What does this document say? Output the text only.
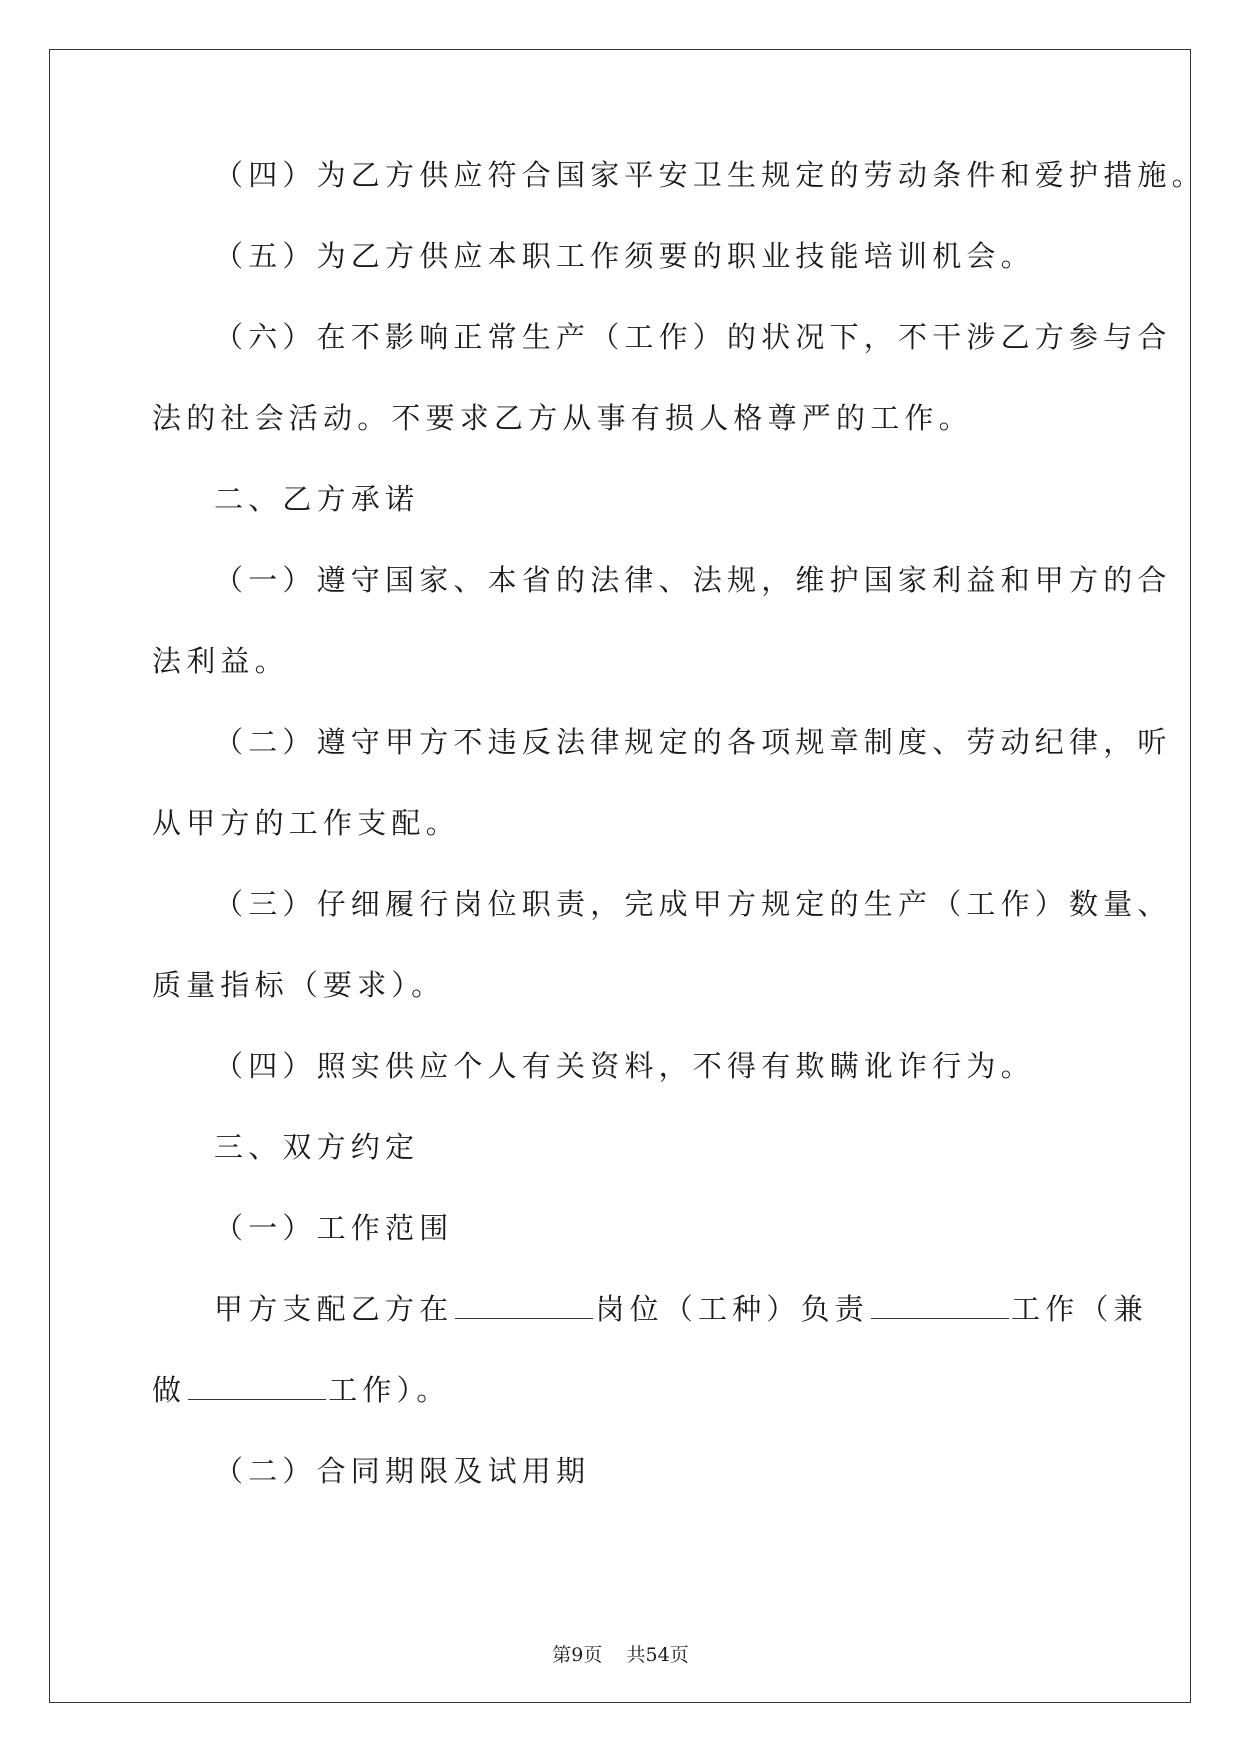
（四）为乙方供应符合国家平安卫生规定的劳动条件和爱护措施。

（五）为乙方供应本职工作须要的职业技能培训机会。

（六）在不影响正常生产（工作）的状况下，不干涉乙方参与合

法的社会活动。不要求乙方从事有损人格尊严的工作。

二、乙方承诺

（一）遵守国家、本省的法律、法规，维护国家利益和甲方的合

法利益。

（二）遵守甲方不违反法律规定的各项规章制度、劳动纪律，听

从甲方的工作支配。

（三）仔细履行岗位职责，完成甲方规定的生产（工作）数量、

质量指标（要求）。

（四）照实供应个人有关资料，不得有欺瞒讹诈行为。

三、双方约定

（一）工作范围

甲方支配乙方在	岗位（工种）负责	工作（兼

做	工作）。

（二）合同期限及试用期

第9页 共54页
